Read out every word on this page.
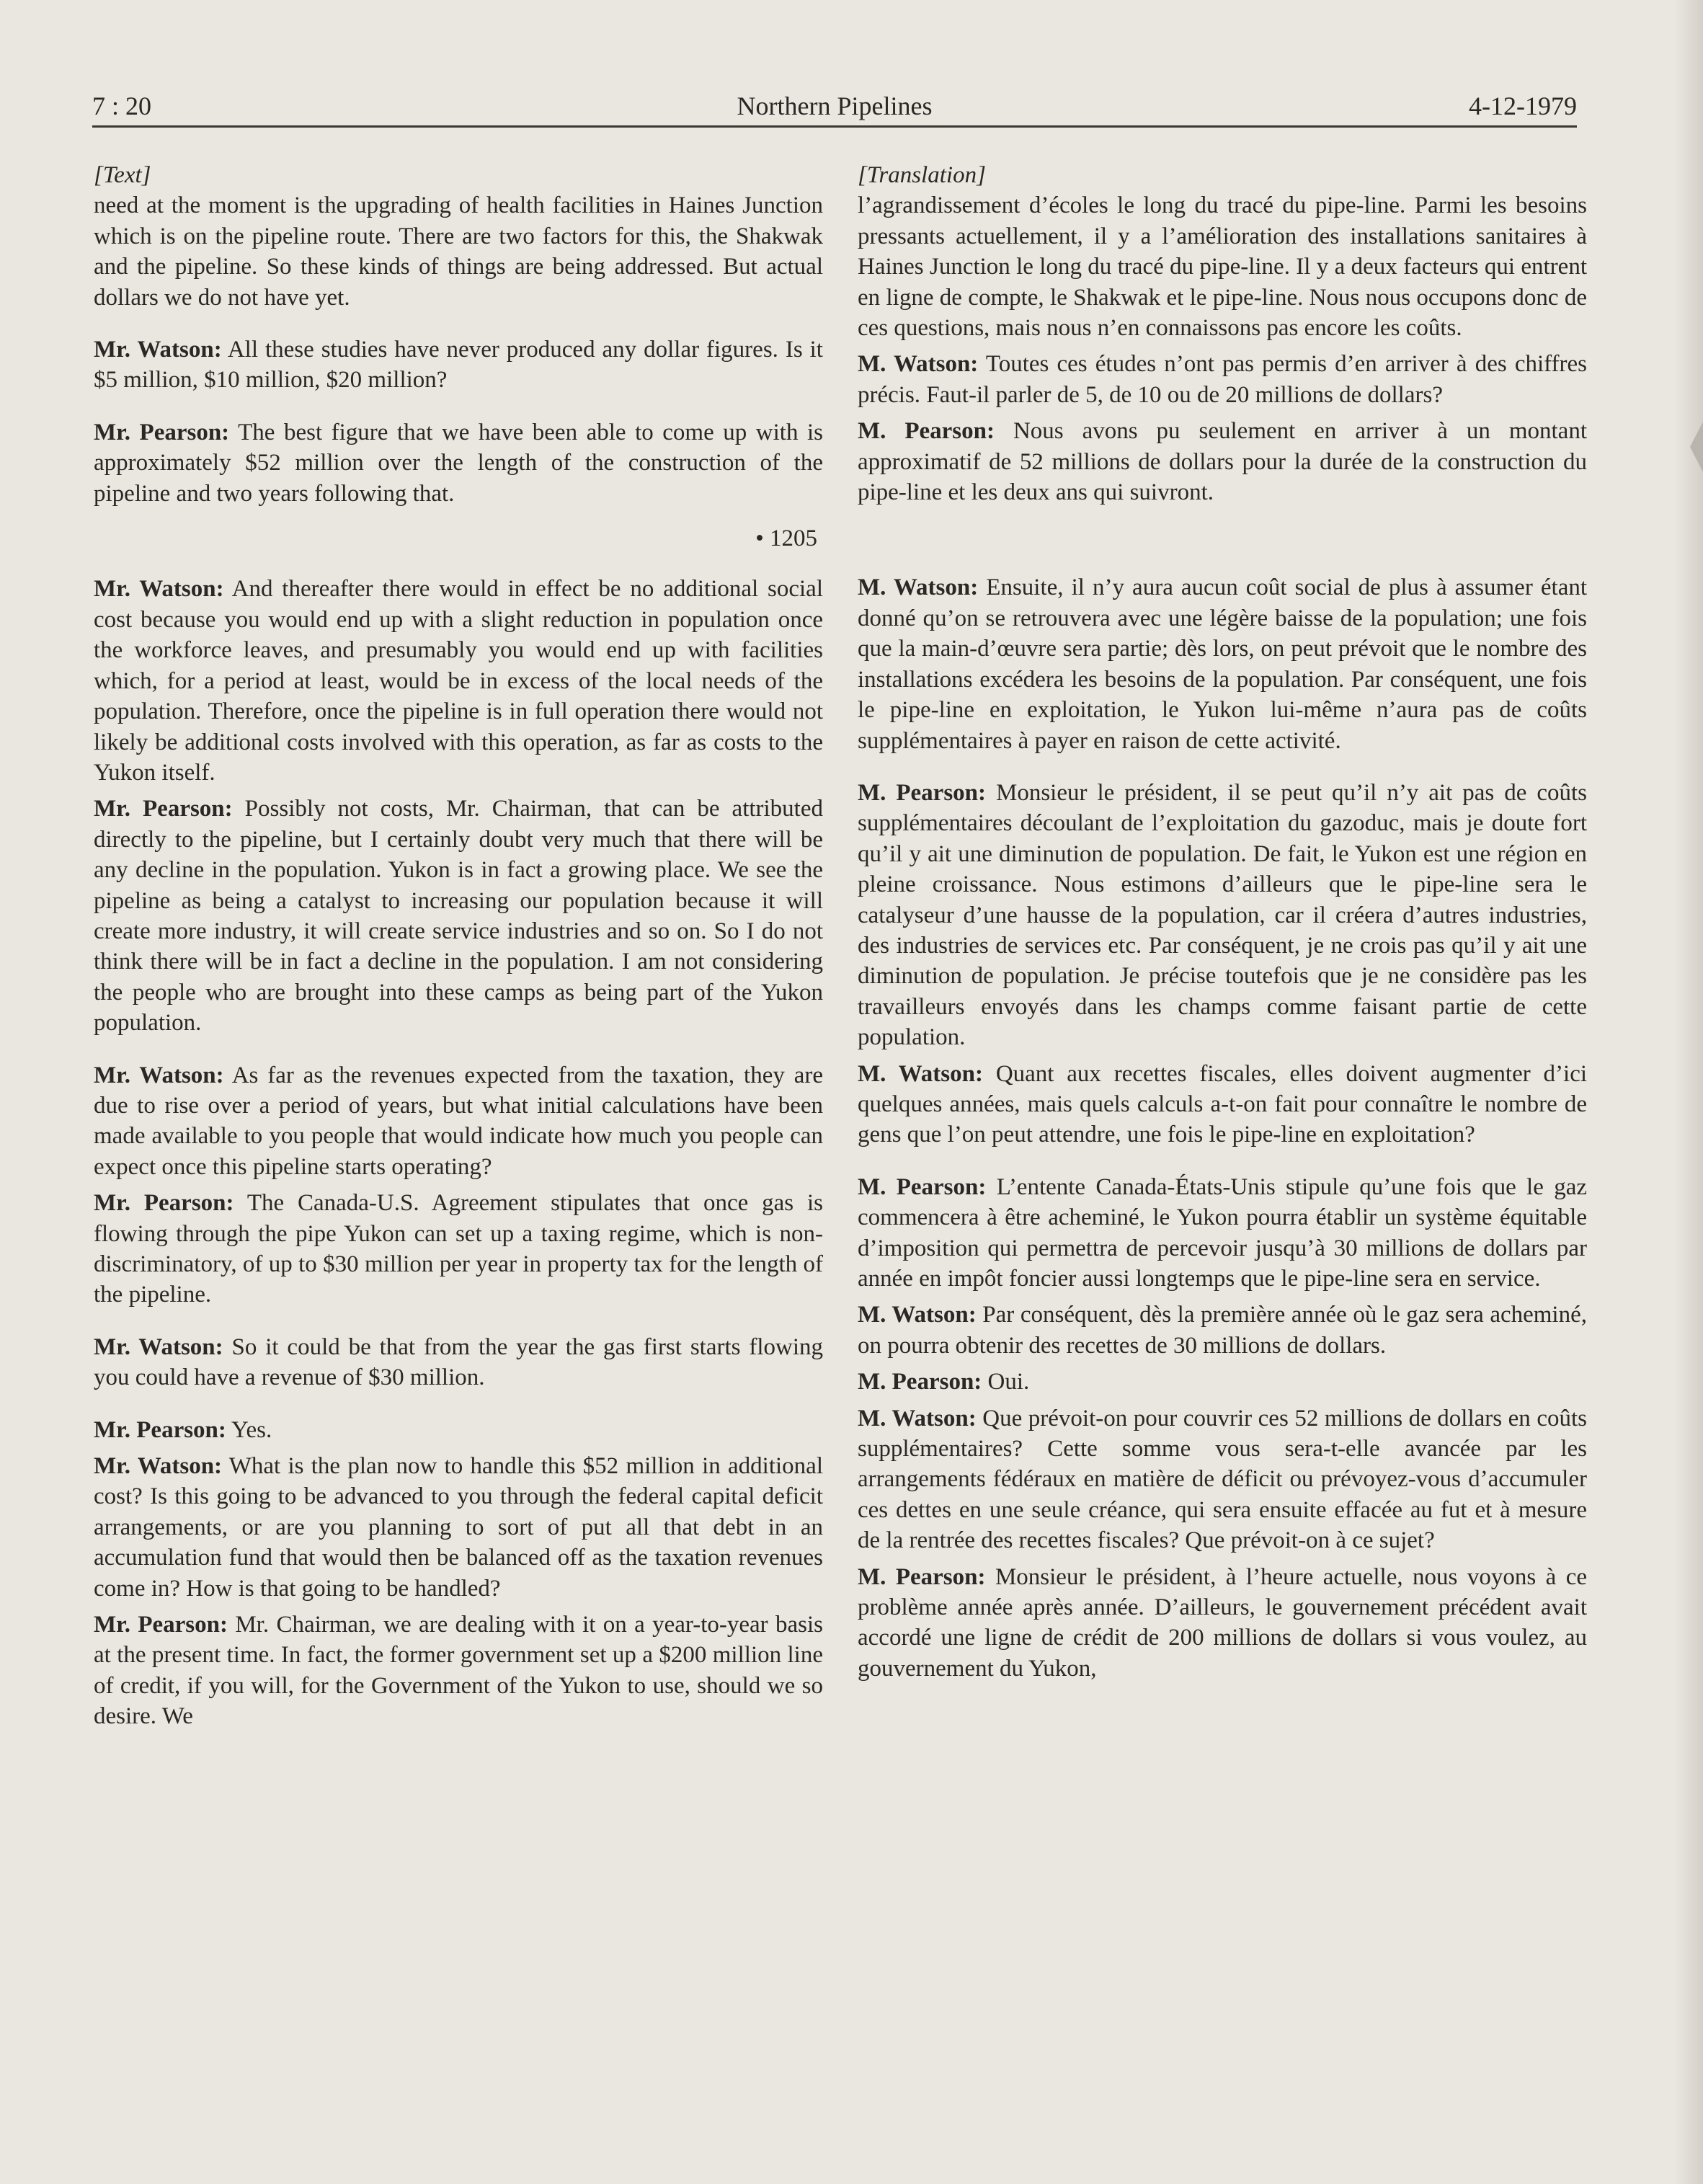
7 : 20	Northern Pipelines	4-12-1979

[Text]

need at the moment is the upgrading of health facilities in Haines Junction which is on the pipeline route. There are two factors for this, the Shakwak and the pipeline. So these kinds of things are being addressed. But actual dollars we do not have yet.

Mr. Watson: All these studies have never produced any dollar figures. Is it $5 million, $10 million, $20 million?

Mr. Pearson: The best figure that we have been able to come up with is approximately $52 million over the length of the construction of the pipeline and two years following that.

• 1205

Mr. Watson: And thereafter there would in effect be no additional social cost because you would end up with a slight reduction in population once the workforce leaves, and presumably you would end up with facilities which, for a period at least, would be in excess of the local needs of the population. Therefore, once the pipeline is in full operation there would not likely be additional costs involved with this operation, as far as costs to the Yukon itself.

Mr. Pearson: Possibly not costs, Mr. Chairman, that can be attributed directly to the pipeline, but I certainly doubt very much that there will be any decline in the population. Yukon is in fact a growing place. We see the pipeline as being a catalyst to increasing our population because it will create more industry, it will create service industries and so on. So I do not think there will be in fact a decline in the population. I am not considering the people who are brought into these camps as being part of the Yukon population.

Mr. Watson: As far as the revenues expected from the taxation, they are due to rise over a period of years, but what initial calculations have been made available to you people that would indicate how much you people can expect once this pipeline starts operating?

Mr. Pearson: The Canada-U.S. Agreement stipulates that once gas is flowing through the pipe Yukon can set up a taxing regime, which is non-discriminatory, of up to $30 million per year in property tax for the length of the pipeline.

Mr. Watson: So it could be that from the year the gas first starts flowing you could have a revenue of $30 million.

Mr. Pearson: Yes.

Mr. Watson: What is the plan now to handle this $52 million in additional cost? Is this going to be advanced to you through the federal capital deficit arrangements, or are you planning to sort of put all that debt in an accumulation fund that would then be balanced off as the taxation revenues come in? How is that going to be handled?

Mr. Pearson: Mr. Chairman, we are dealing with it on a year-to-year basis at the present time. In fact, the former government set up a $200 million line of credit, if you will, for the Government of the Yukon to use, should we so desire. We

[Translation]

l’agrandissement d’écoles le long du tracé du pipe-line. Parmi les besoins pressants actuellement, il y a l’amélioration des installations sanitaires à Haines Junction le long du tracé du pipe-line. Il y a deux facteurs qui entrent en ligne de compte, le Shakwak et le pipe-line. Nous nous occupons donc de ces questions, mais nous n’en connaissons pas encore les coûts.

M. Watson: Toutes ces études n’ont pas permis d’en arriver à des chiffres précis. Faut-il parler de 5, de 10 ou de 20 millions de dollars?

M. Pearson: Nous avons pu seulement en arriver à un montant approximatif de 52 millions de dollars pour la durée de la construction du pipe-line et les deux ans qui suivront.

M. Watson: Ensuite, il n’y aura aucun coût social de plus à assumer étant donné qu’on se retrouvera avec une légère baisse de la population; une fois que la main-d’œuvre sera partie; dès lors, on peut prévoit que le nombre des installations excédera les besoins de la population. Par conséquent, une fois le pipe-line en exploitation, le Yukon lui-même n’aura pas de coûts supplémentaires à payer en raison de cette activité.

M. Pearson: Monsieur le président, il se peut qu’il n’y ait pas de coûts supplémentaires découlant de l’exploitation du gazoduc, mais je doute fort qu’il y ait une diminution de population. De fait, le Yukon est une région en pleine croissance. Nous estimons d’ailleurs que le pipe-line sera le catalyseur d’une hausse de la population, car il créera d’autres industries, des industries de services etc. Par conséquent, je ne crois pas qu’il y ait une diminution de population. Je précise toutefois que je ne considère pas les travailleurs envoyés dans les champs comme faisant partie de cette population.

M. Watson: Quant aux recettes fiscales, elles doivent augmenter d’ici quelques années, mais quels calculs a-t-on fait pour connaître le nombre de gens que l’on peut attendre, une fois le pipe-line en exploitation?

M. Pearson: L’entente Canada-États-Unis stipule qu’une fois que le gaz commencera à être acheminé, le Yukon pourra établir un système équitable d’imposition qui permettra de percevoir jusqu’à 30 millions de dollars par année en impôt foncier aussi longtemps que le pipe-line sera en service.

M. Watson: Par conséquent, dès la première année où le gaz sera acheminé, on pourra obtenir des recettes de 30 millions de dollars.

M. Pearson: Oui.

M. Watson: Que prévoit-on pour couvrir ces 52 millions de dollars en coûts supplémentaires? Cette somme vous sera-t-elle avancée par les arrangements fédéraux en matière de déficit ou prévoyez-vous d’accumuler ces dettes en une seule créance, qui sera ensuite effacée au fut et à mesure de la rentrée des recettes fiscales? Que prévoit-on à ce sujet?

M. Pearson: Monsieur le président, à l’heure actuelle, nous voyons à ce problème année après année. D’ailleurs, le gouvernement précédent avait accordé une ligne de crédit de 200 millions de dollars si vous voulez, au gouvernement du Yukon,
